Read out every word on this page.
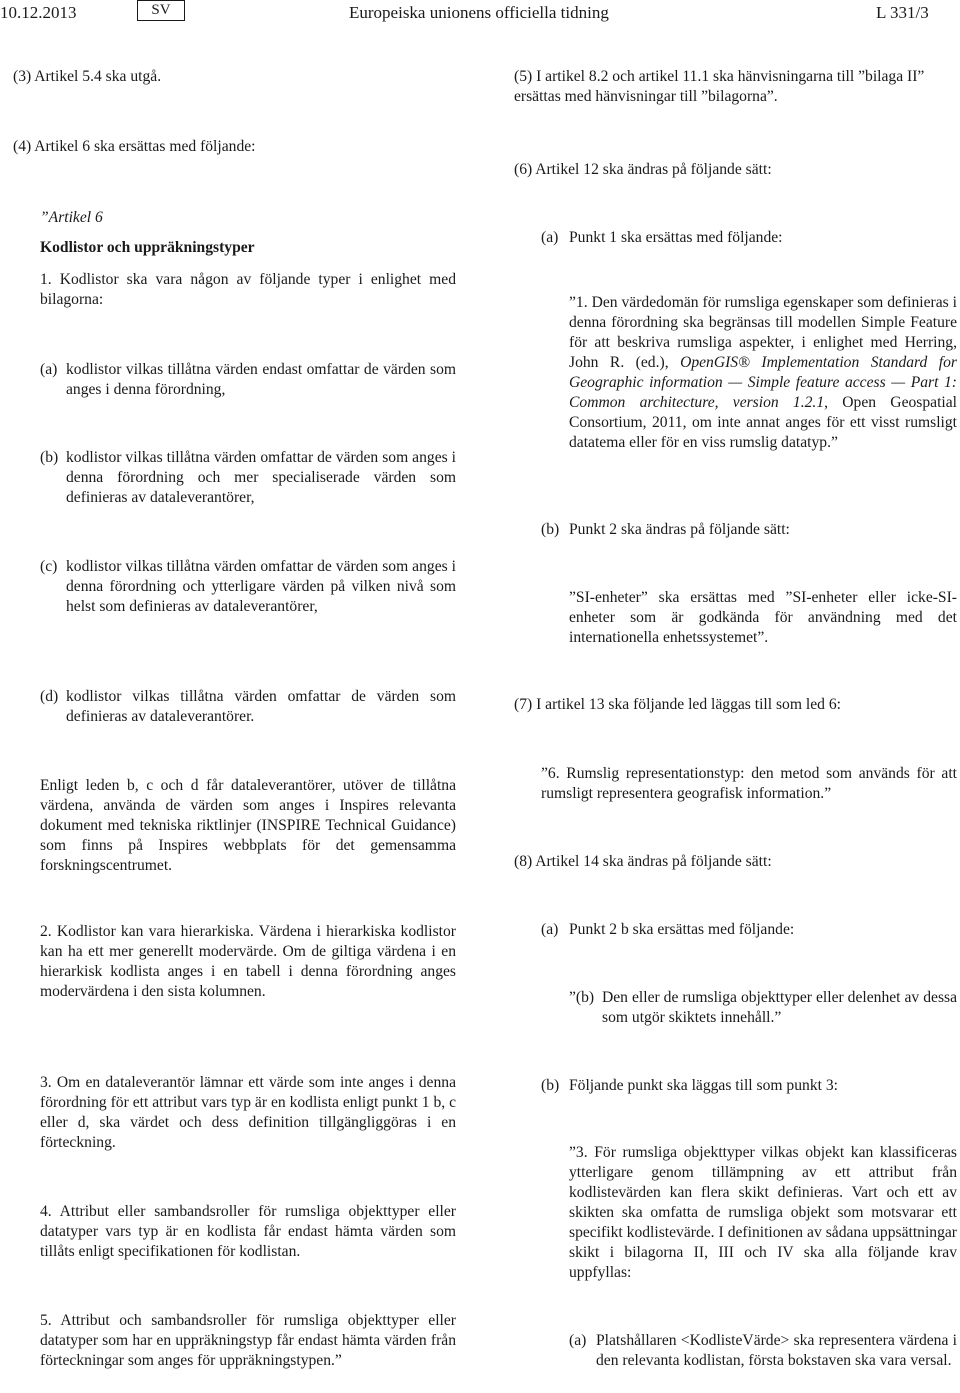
10.12.2013	SV	Europeiska unionens officiella tidning	L 331/3
(3) Artikel 5.4 ska utgå.
(4) Artikel 6 ska ersättas med följande:
”Artikel 6
Kodlistor och uppräkningstyper
1. Kodlistor ska vara någon av följande typer i enlighet med bilagorna:
(a) kodlistor vilkas tillåtna värden endast omfattar de värden som anges i denna förordning,
(b) kodlistor vilkas tillåtna värden omfattar de värden som anges i denna förordning och mer specialiserade värden som definieras av dataleverantörer,
(c) kodlistor vilkas tillåtna värden omfattar de värden som anges i denna förordning och ytterligare värden på vilken nivå som helst som definieras av dataleverantörer,
(d) kodlistor vilkas tillåtna värden omfattar de värden som definieras av dataleverantörer.
Enligt leden b, c och d får dataleverantörer, utöver de tillåtna värdena, använda de värden som anges i Inspires relevanta dokument med tekniska riktlinjer (INSPIRE Technical Guidance) som finns på Inspires webbplats för det gemensamma forskningscentrumet.
2. Kodlistor kan vara hierarkiska. Värdena i hierarkiska kodlistor kan ha ett mer generellt modervärde. Om de giltiga värdena i en hierarkisk kodlista anges i en tabell i denna förordning anges modervärdena i den sista kolumnen.
3. Om en dataleverantör lämnar ett värde som inte anges i denna förordning för ett attribut vars typ är en kodlista enligt punkt 1 b, c eller d, ska värdet och dess definition tillgängliggöras i en förteckning.
4. Attribut eller sambandsroller för rumsliga objekttyper eller datatyper vars typ är en kodlista får endast hämta värden som tillåts enligt specifikationen för kodlistan.
5. Attribut och sambandsroller för rumsliga objekttyper eller datatyper som har en uppräkningstyp får endast hämta värden från förteckningar som anges för uppräkningstypen.”
(5) I artikel 8.2 och artikel 11.1 ska hänvisningarna till ”bilaga II” ersättas med hänvisningar till ”bilagorna”.
(6) Artikel 12 ska ändras på följande sätt:
(a) Punkt 1 ska ersättas med följande:
”1. Den värdedomän för rumsliga egenskaper som definieras i denna förordning ska begränsas till modellen Simple Feature för att beskriva rumsliga aspekter, i enlighet med Herring, John R. (ed.), OpenGIS® Implementation Standard for Geographic information — Simple feature access — Part 1: Common architecture, version 1.2.1, Open Geospatial Consortium, 2011, om inte annat anges för ett visst rumsligt datatema eller för en viss rumslig datatyp.”
(b) Punkt 2 ska ändras på följande sätt:
”SI-enheter” ska ersättas med ”SI-enheter eller icke-SI-enheter som är godkända för användning med det internationella enhetssystemet”.
(7) I artikel 13 ska följande led läggas till som led 6:
”6. Rumslig representationstyp: den metod som används för att rumsligt representera geografisk information.”
(8) Artikel 14 ska ändras på följande sätt:
(a) Punkt 2 b ska ersättas med följande:
”(b) Den eller de rumsliga objekttyper eller delenhet av dessa som utgör skiktets innehåll.”
(b) Följande punkt ska läggas till som punkt 3:
”3. För rumsliga objekttyper vilkas objekt kan klassificeras ytterligare genom tillämpning av ett attribut från kodlistevärden kan flera skikt definieras. Vart och ett av skikten ska omfatta de rumsliga objekt som motsvarar ett specifikt kodlistevärde. I definitionen av sådana uppsättningar skikt i bilagorna II, III och IV ska alla följande krav uppfyllas:
(a) Platshållaren <KodlisteVärde> ska representera värdena i den relevanta kodlistan, första bokstaven ska vara versal.
